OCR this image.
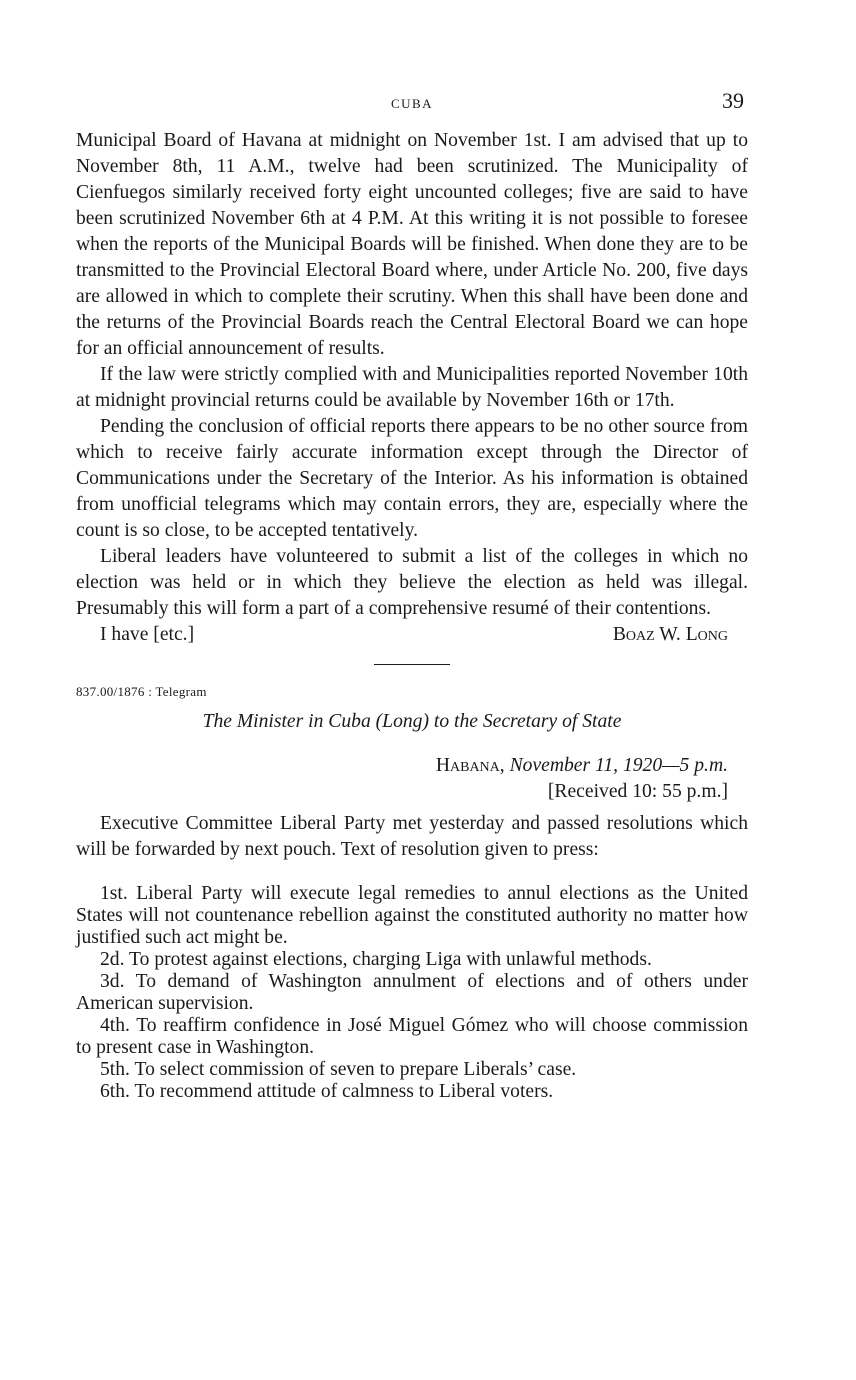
CUBA	39

Municipal Board of Havana at midnight on November 1st. I am advised that up to November 8th, 11 A.M., twelve had been scrutinized. The Municipality of Cienfuegos similarly received forty eight uncounted colleges; five are said to have been scrutinized November 6th at 4 P.M. At this writing it is not possible to foresee when the reports of the Municipal Boards will be finished. When done they are to be transmitted to the Provincial Electoral Board where, under Article No. 200, five days are allowed in which to complete their scrutiny. When this shall have been done and the returns of the Provincial Boards reach the Central Electoral Board we can hope for an official announcement of results.

If the law were strictly complied with and Municipalities reported November 10th at midnight provincial returns could be available by November 16th or 17th.

Pending the conclusion of official reports there appears to be no other source from which to receive fairly accurate information except through the Director of Communications under the Secretary of the Interior. As his information is obtained from unofficial telegrams which may contain errors, they are, especially where the count is so close, to be accepted tentatively.

Liberal leaders have volunteered to submit a list of the colleges in which no election was held or in which they believe the election as held was illegal. Presumably this will form a part of a comprehensive resumé of their contentions.

I have [etc.]	Boaz W. Long
837.00/1876 : Telegram
The Minister in Cuba (Long) to the Secretary of State
Habana, November 11, 1920—5 p.m.
[Received 10: 55 p.m.]

Executive Committee Liberal Party met yesterday and passed resolutions which will be forwarded by next pouch. Text of resolution given to press:

1st. Liberal Party will execute legal remedies to annul elections as the United States will not countenance rebellion against the constituted authority no matter how justified such act might be.

2d. To protest against elections, charging Liga with unlawful methods.

3d. To demand of Washington annulment of elections and of others under American supervision.

4th. To reaffirm confidence in José Miguel Gómez who will choose commission to present case in Washington.

5th. To select commission of seven to prepare Liberals’ case.

6th. To recommend attitude of calmness to Liberal voters.
